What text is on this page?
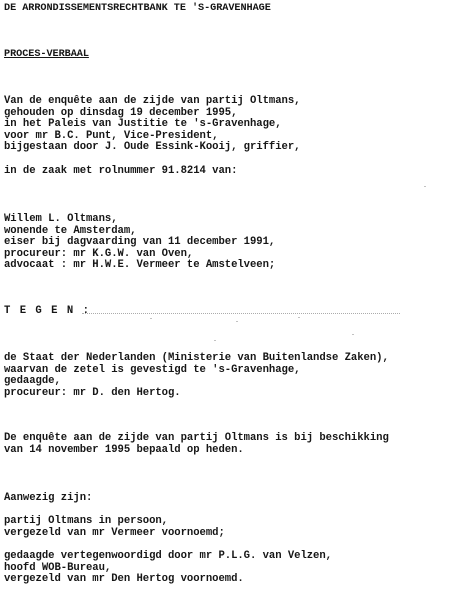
DE ARRONDISSEMENTSRECHTBANK TE 'S-GRAVENHAGE
PROCES-VERBAAL
Van de enquête aan de zijde van partij Oltmans,
gehouden op dinsdag 19 december 1995,
in het Paleis van Justitie te 's-Gravenhage,
voor mr B.C. Punt, Vice-President,
bijgestaan door J. Oude Essink-Kooij, griffier,
in de zaak met rolnummer 91.8214 van:
Willem L. Oltmans,
wonende te Amsterdam,
eiser bij dagvaarding van 11 december 1991,
procureur: mr K.G.W. van Oven,
advocaat : mr H.W.E. Vermeer te Amstelveen;
T E G E N :
de Staat der Nederlanden (Ministerie van Buitenlandse Zaken),
waarvan de zetel is gevestigd te 's-Gravenhage,
gedaagde,
procureur: mr D. den Hertog.
De enquête aan de zijde van partij Oltmans is bij beschikking
van 14 november 1995 bepaald op heden.
Aanwezig zijn:
partij Oltmans in persoon,
vergezeld van mr Vermeer voornoemd;
gedaagde vertegenwoordigd door mr P.L.G. van Velzen,
hoofd WOB-Bureau,
vergezeld van mr Den Hertog voornoemd.
